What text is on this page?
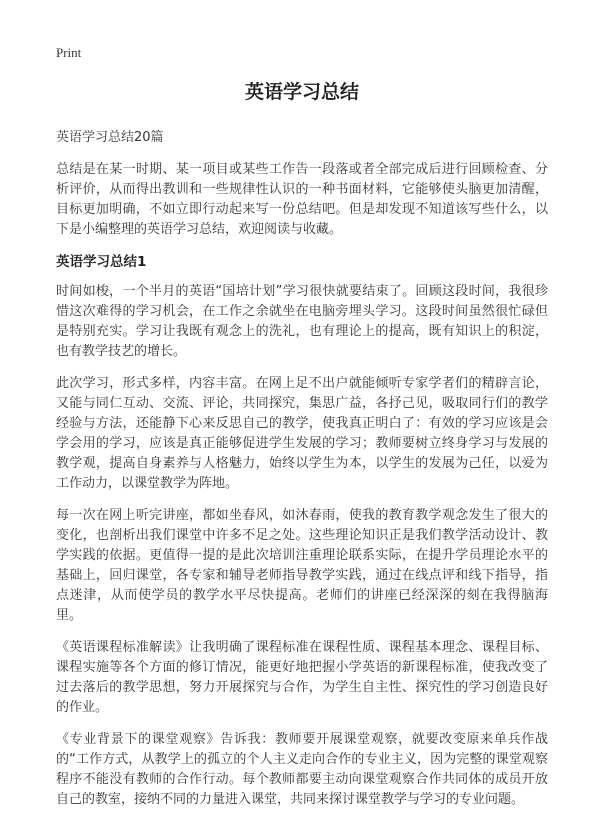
Print
英语学习总结

英语学习总结20篇

总结是在某一时期、某一项目或某些工作告一段落或者全部完成后进行回顾检查、分析评价，从而得出教训和一些规律性认识的一种书面材料，它能够使头脑更加清醒，目标更加明确，不如立即行动起来写一份总结吧。但是却发现不知道该写些什么，以下是小编整理的英语学习总结，欢迎阅读与收藏。

英语学习总结1

时间如梭，一个半月的英语“国培计划”学习很快就要结束了。回顾这段时间，我很珍惜这次难得的学习机会，在工作之余就坐在电脑旁埋头学习。这段时间虽然很忙碌但是特别充实。学习让我既有观念上的洗礼，也有理论上的提高，既有知识上的积淀，也有教学技艺的增长。

此次学习，形式多样，内容丰富。在网上足不出户就能倾听专家学者们的精辟言论，又能与同仁互动、交流、评论，共同探究，集思广益，各抒己见，吸取同行们的教学经验与方法，还能静下心来反思自己的教学，使我真正明白了：有效的学习应该是会学会用的学习，应该是真正能够促进学生发展的学习；教师要树立终身学习与发展的教学观，提高自身素养与人格魅力，始终以学生为本，以学生的发展为己任，以爱为工作动力，以课堂教学为阵地。

每一次在网上听完讲座，都如坐春风，如沐春雨，使我的教育教学观念发生了很大的变化，也剖析出我们课堂中许多不足之处。这些理论知识正是我们教学活动设计、教学实践的依据。更值得一提的是此次培训注重理论联系实际，在提升学员理论水平的基础上，回归课堂，各专家和辅导老师指导教学实践，通过在线点评和线下指导，指点迷津，从而使学员的教学水平尽快提高。老师们的讲座已经深深的刻在我得脑海里。

《英语课程标准解读》让我明确了课程标准在课程性质、课程基本理念、课程目标、课程实施等各个方面的修订情况，能更好地把握小学英语的新课程标准，使我改变了过去落后的教学思想，努力开展探究与合作，为学生自主性、探究性的学习创造良好的作业。

《专业背景下的课堂观察》告诉我：教师要开展课堂观察，就要改变原来单兵作战的“工作方式，从教学上的孤立的个人主义走向合作的专业主义，因为完整的课堂观察程序不能没有教师的合作行动。每个教师都要主动向课堂观察合作共同体的成员开放自己的教室，接纳不同的力量进入课堂，共同来探讨课堂教学与学习的专业问题。
